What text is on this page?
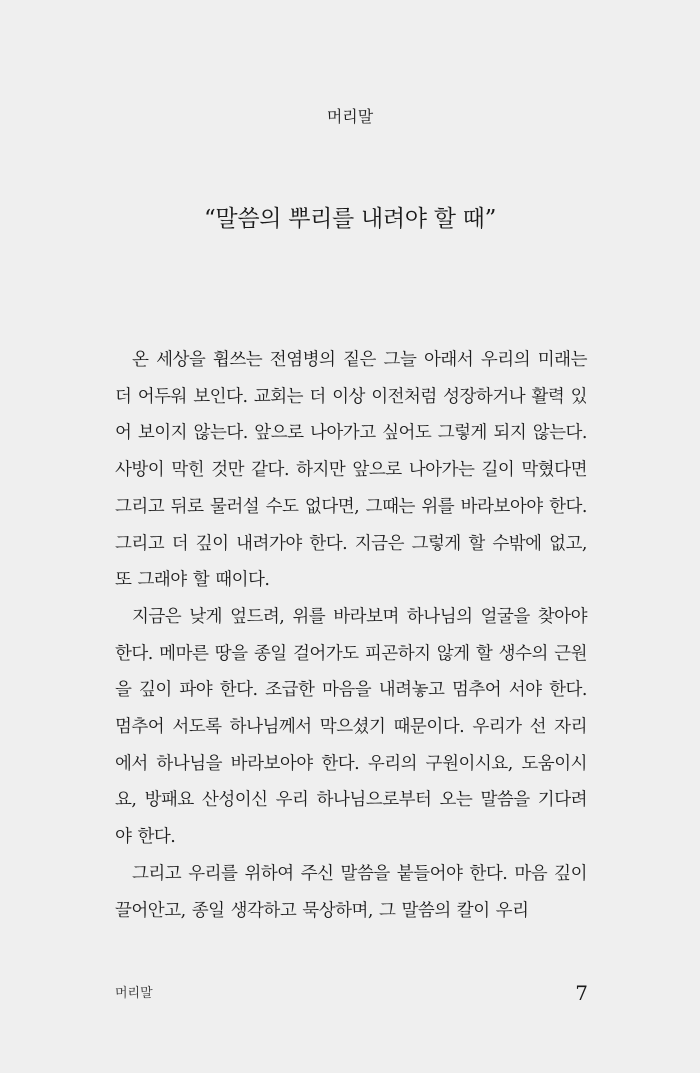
머리말
“말씀의 뿌리를 내려야 할 때”

온 세상을 휩쓰는 전염병의 짙은 그늘 아래서 우리의 미래는 더 어두워 보인다. 교회는 더 이상 이전처럼 성장하거나 활력 있어 보이지 않는다. 앞으로 나아가고 싶어도 그렇게 되지 않는다. 사방이 막힌 것만 같다. 하지만 앞으로 나아가는 길이 막혔다면 그리고 뒤로 물러설 수도 없다면, 그때는 위를 바라보아야 한다. 그리고 더 깊이 내려가야 한다. 지금은 그렇게 할 수밖에 없고, 또 그래야 할 때이다.

지금은 낮게 엎드려, 위를 바라보며 하나님의 얼굴을 찾아야 한다. 메마른 땅을 종일 걸어가도 피곤하지 않게 할 생수의 근원을 깊이 파야 한다. 조급한 마음을 내려놓고 멈추어 서야 한다. 멈추어 서도록 하나님께서 막으셨기 때문이다. 우리가 선 자리에서 하나님을 바라보아야 한다. 우리의 구원이시요, 도움이시요, 방패요 산성이신 우리 하나님으로부터 오는 말씀을 기다려야 한다.

그리고 우리를 위하여 주신 말씀을 붙들어야 한다. 마음 깊이 끌어안고, 종일 생각하고 묵상하며, 그 말씀의 칼이 우리

머리말	7
